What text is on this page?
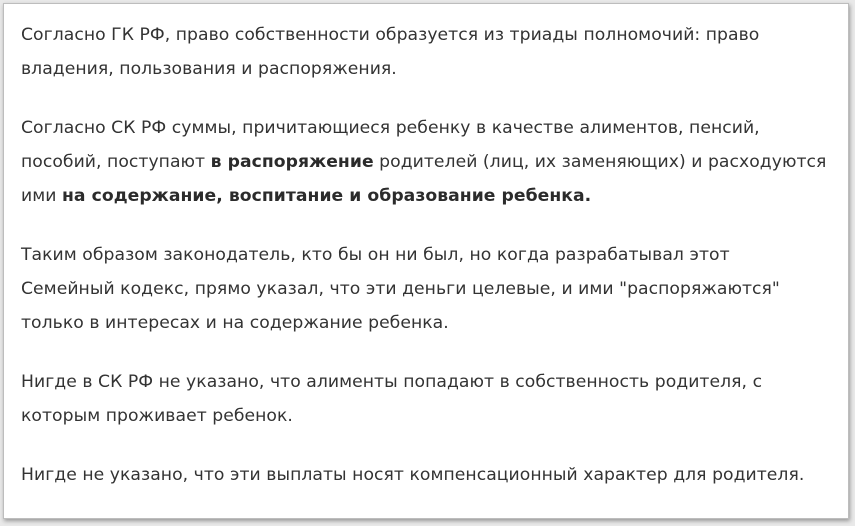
Согласно ГК РФ, право собственности образуется из триады полномочий: право
владения, пользования и распоряжения.
Согласно СК РФ суммы, причитающиеся ребенку в качестве алиментов, пенсий,
пособий, поступают в распоряжение родителей (лиц, их заменяющих) и расходуются
ими на содержание, воспитание и образование ребенка.
Таким образом законодатель, кто бы он ни был, но когда разрабатывал этот
Семейный кодекс, прямо указал, что эти деньги целевые, и ими "распоряжаются"
только в интересах и на содержание ребенка.
Нигде в СК РФ не указано, что алименты попадают в собственность родителя, с
которым проживает ребенок.
Нигде не указано, что эти выплаты носят компенсационный характер для родителя.
